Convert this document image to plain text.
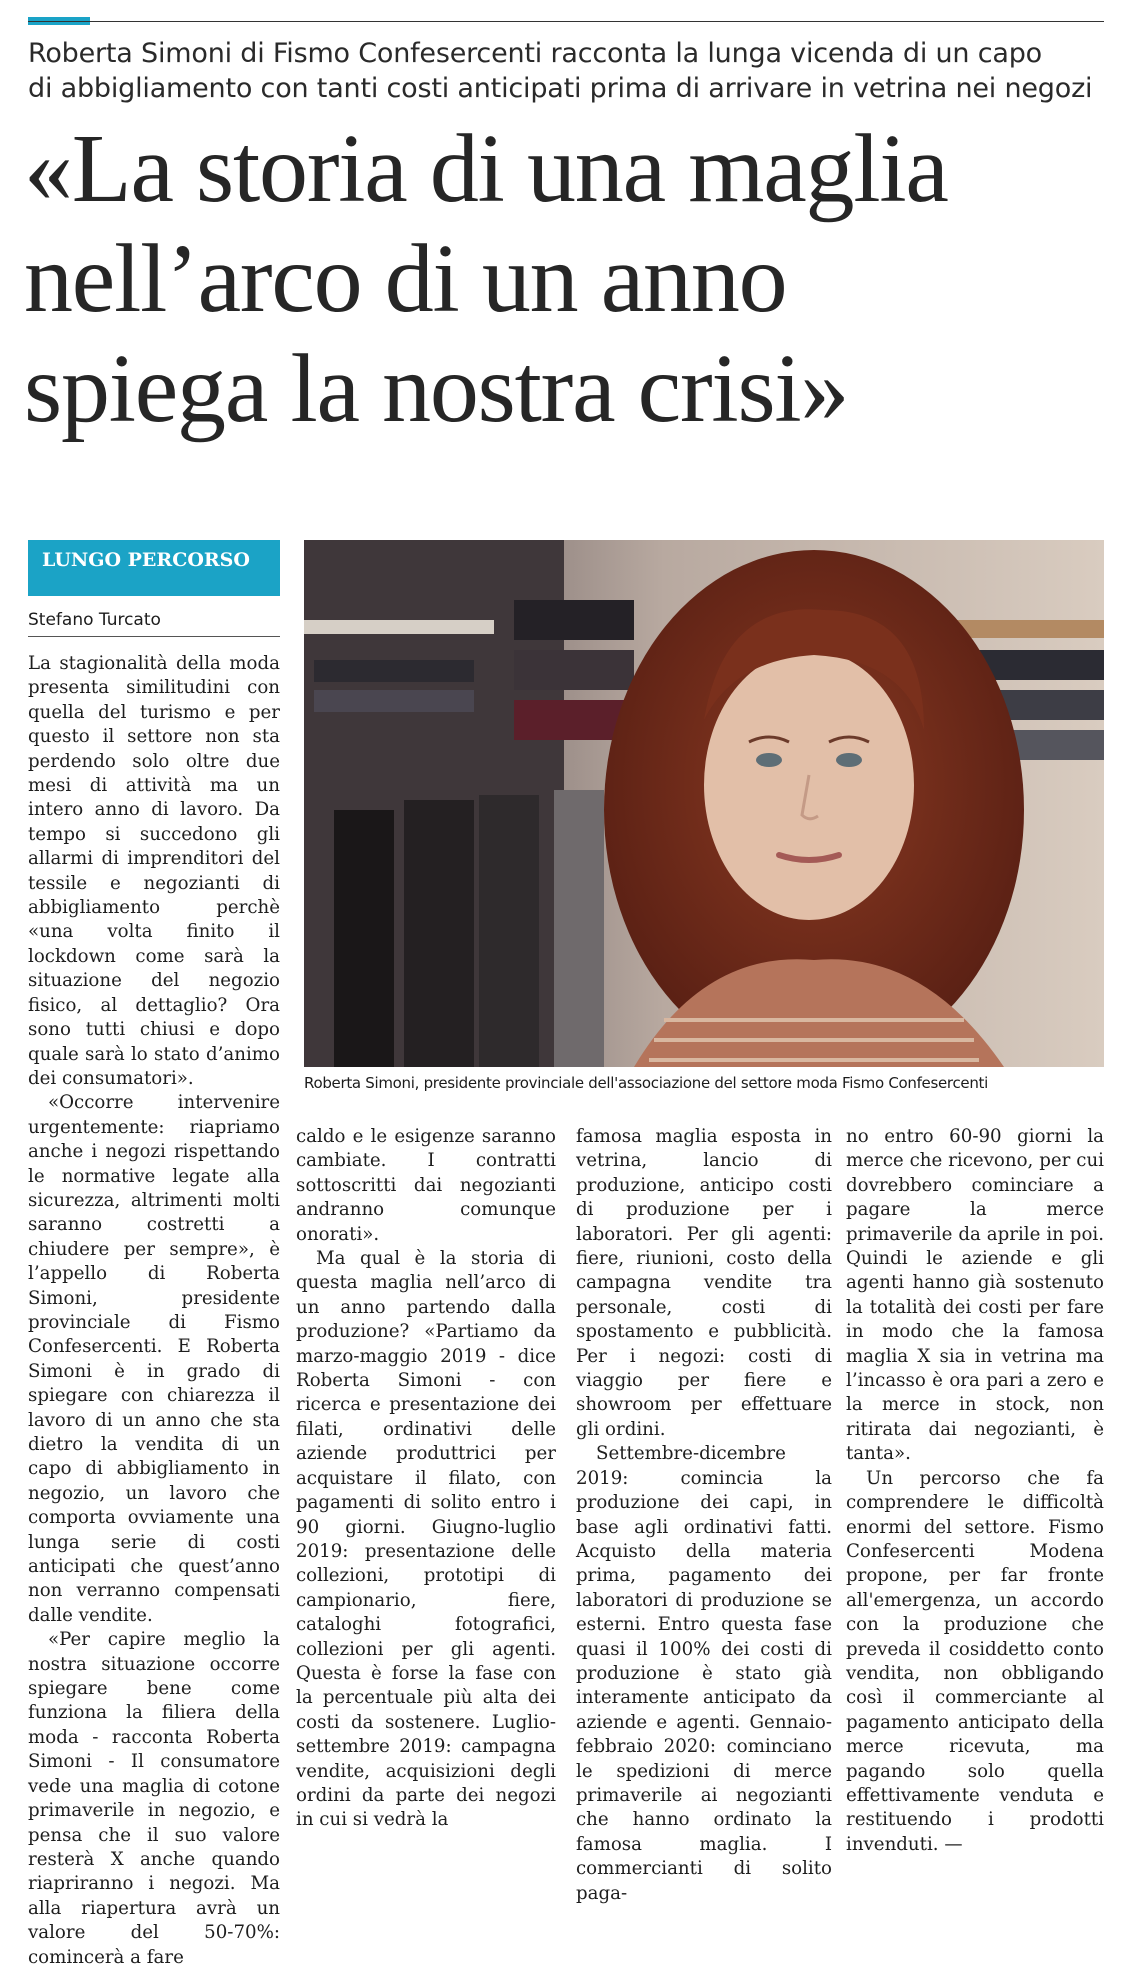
Roberta Simoni di Fismo Confesercenti racconta la lunga vicenda di un capo
di abbigliamento con tanti costi anticipati prima di arrivare in vetrina nei negozi

«La storia di una maglia
nell’arco di un anno
spiega la nostra crisi»
LUNGO PERCORSO
Stefano Turcato

La stagionalità della moda presenta similitudini con quella del turismo e per questo il settore non sta perdendo solo oltre due mesi di attività ma un intero anno di lavoro. Da tempo si succedono gli allarmi di imprenditori del tessile e negozianti di abbigliamento perchè «una volta finito il lockdown come sarà la situazione del negozio fisico, al dettaglio? Ora sono tutti chiusi e dopo quale sarà lo stato d’animo dei consumatori».

«Occorre intervenire urgentemente: riapriamo anche i negozi rispettando le normative legate alla sicurezza, altrimenti molti saranno costretti a chiudere per sempre», è l’appello di Roberta Simoni, presidente provinciale di Fismo Confesercenti. E Roberta Simoni è in grado di spiegare con chiarezza il lavoro di un anno che sta dietro la vendita di un capo di abbigliamento in negozio, un lavoro che comporta ovviamente una lunga serie di costi anticipati che quest’anno non verranno compensati dalle vendite.

«Per capire meglio la nostra situazione occorre spiegare bene come funziona la filiera della moda - racconta Roberta Simoni - Il consumatore vede una maglia di cotone primaverile in negozio, e pensa che il suo valore resterà X anche quando riapriranno i negozi. Ma alla riapertura avrà un valore del 50-70%: comincerà a fare

Roberta Simoni, presidente provinciale dell'associazione del settore moda Fismo Confesercenti

caldo e le esigenze saranno cambiate. I contratti sottoscritti dai negozianti andranno comunque onorati».

Ma qual è la storia di questa maglia nell’arco di un anno partendo dalla produzione? «Partiamo da marzo-maggio 2019 - dice Roberta Simoni - con ricerca e presentazione dei filati, ordinativi delle aziende produttrici per acquistare il filato, con pagamenti di solito entro i 90 giorni. Giugno-luglio 2019: presentazione delle collezioni, prototipi di campionario, fiere, cataloghi fotografici, collezioni per gli agenti. Questa è forse la fase con la percentuale più alta dei costi da sostenere. Luglio-settembre 2019: campagna vendite, acquisizioni degli ordini da parte dei negozi in cui si vedrà la

famosa maglia esposta in vetrina, lancio di produzione, anticipo costi di produzione per i laboratori. Per gli agenti: fiere, riunioni, costo della campagna vendite tra personale, costi di spostamento e pubblicità. Per i negozi: costi di viaggio per fiere e showroom per effettuare gli ordini.

Settembre-dicembre 2019: comincia la produzione dei capi, in base agli ordinativi fatti. Acquisto della materia prima, pagamento dei laboratori di produzione se esterni. Entro questa fase quasi il 100% dei costi di produzione è stato già interamente anticipato da aziende e agenti. Gennaio-febbraio 2020: cominciano le spedizioni di merce primaverile ai negozianti che hanno ordinato la famosa maglia. I commercianti di solito paga-

no entro 60-90 giorni la merce che ricevono, per cui dovrebbero cominciare a pagare la merce primaverile da aprile in poi. Quindi le aziende e gli agenti hanno già sostenuto la totalità dei costi per fare in modo che la famosa maglia X sia in vetrina ma l’incasso è ora pari a zero e la merce in stock, non ritirata dai negozianti, è tanta».

Un percorso che fa comprendere le difficoltà enormi del settore. Fismo Confesercenti Modena propone, per far fronte all'emergenza, un accordo con la produzione che preveda il cosiddetto conto vendita, non obbligando così il commerciante al pagamento anticipato della merce ricevuta, ma pagando solo quella effettivamente venduta e restituendo i prodotti invenduti. —
